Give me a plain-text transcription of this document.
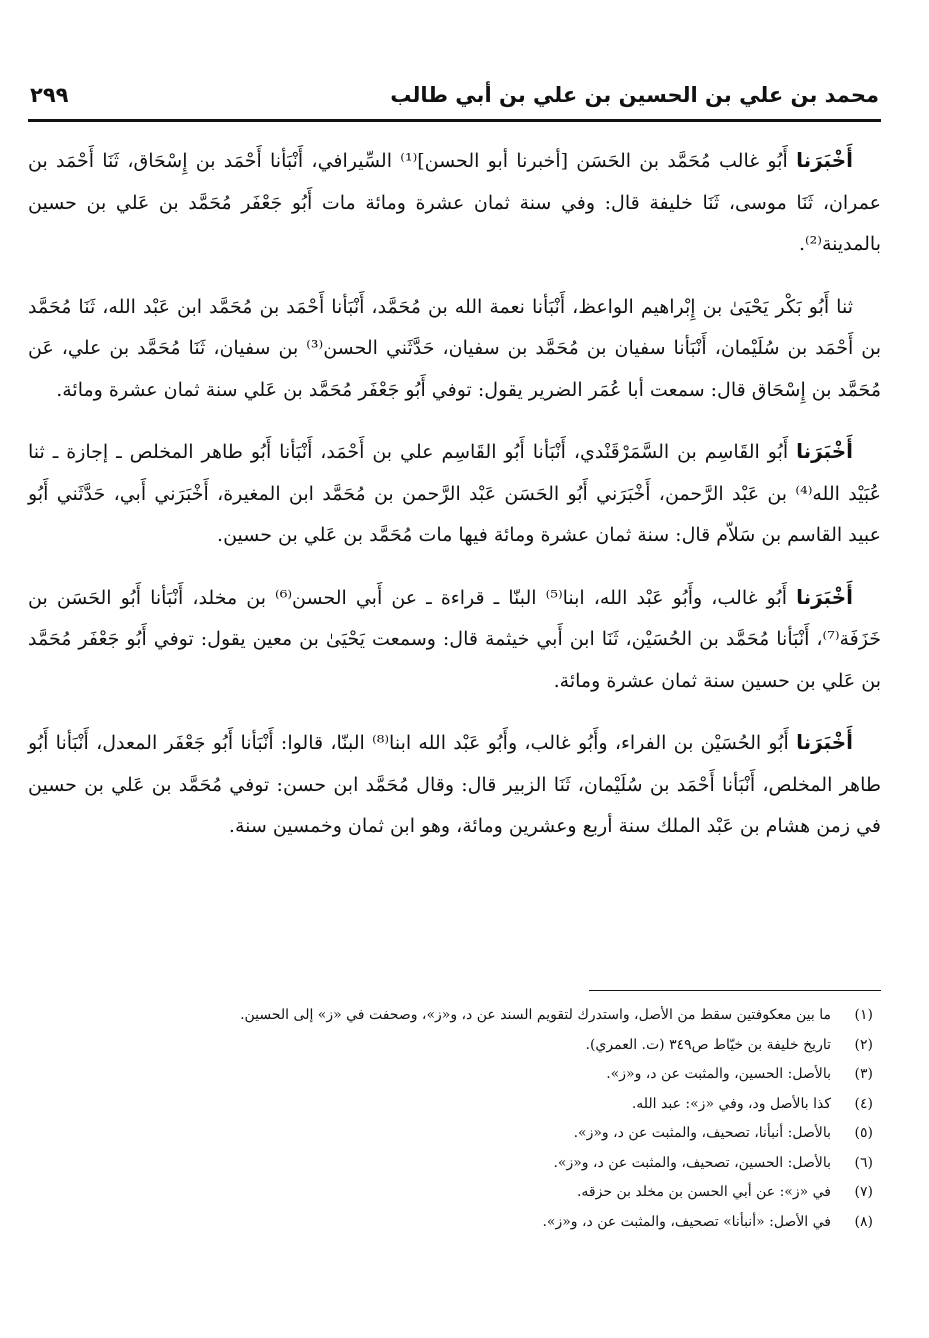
محمد بن علي بن الحسين بن علي بن أبي طالب
٢٩٩

أَخْبَرَنا أَبُو غالب مُحَمَّد بن الحَسَن [أخبرنا أبو الحسن]⁽¹⁾ السِّيرافي، أَنْبَأنا أَحْمَد بن إِسْحَاق، ثَنَا أَحْمَد بن عمران، ثَنَا موسى، ثَنَا خليفة قال: وفي سنة ثمان عشرة ومائة مات أَبُو جَعْفَر مُحَمَّد بن عَلي بن حسين بالمدينة⁽²⁾.

ثنا أَبُو بَكْر يَحْيَىٰ بن إِبْراهيم الواعظ، أَنْبَأنا نعمة الله بن مُحَمَّد، أَنْبَأنا أَحْمَد بن مُحَمَّد ابن عَبْد الله، ثَنَا مُحَمَّد بن أَحْمَد بن سُلَيْمان، أَنْبَأنا سفيان بن مُحَمَّد بن سفيان، حَدَّثَني الحسن⁽³⁾ بن سفيان، ثَنَا مُحَمَّد بن علي، عَن مُحَمَّد بن إِسْحَاق قال: سمعت أبا عُمَر الضرير يقول: توفي أَبُو جَعْفَر مُحَمَّد بن عَلي سنة ثمان عشرة ومائة.

أَخْبَرَنا أَبُو القَاسِم بن السَّمَرْقَنْدي، أَنْبَأنا أَبُو القَاسِم علي بن أَحْمَد، أَنْبَأنا أَبُو طاهر المخلص ـ إجازة ـ ثنا عُبَيْد الله⁽⁴⁾ بن عَبْد الرَّحمن، أَخْبَرَني أَبُو الحَسَن عَبْد الرَّحمن بن مُحَمَّد ابن المغيرة، أَخْبَرَني أَبي، حَدَّثَني أَبُو عبيد القاسم بن سَلاّم قال: سنة ثمان عشرة ومائة فيها مات مُحَمَّد بن عَلي بن حسين.

أَخْبَرَنا أَبُو غالب، وأَبُو عَبْد الله، ابنا⁽⁵⁾ البنّا ـ قراءة ـ عن أَبي الحسن⁽⁶⁾ بن مخلد، أَنْبَأنا أَبُو الحَسَن بن خَزَفَة⁽⁷⁾، أَنْبَأنا مُحَمَّد بن الحُسَيْن، ثَنَا ابن أَبي خيثمة قال: وسمعت يَحْيَىٰ بن معين يقول: توفي أَبُو جَعْفَر مُحَمَّد بن عَلي بن حسين سنة ثمان عشرة ومائة.

أَخْبَرَنا أَبُو الحُسَيْن بن الفراء، وأَبُو غالب، وأَبُو عَبْد الله ابنا⁽⁸⁾ البنّا، قالوا: أَنْبَأنا أَبُو جَعْفَر المعدل، أَنْبَأنا أَبُو طاهر المخلص، أَنْبَأنا أَحْمَد بن سُلَيْمان، ثَنَا الزبير قال: وقال مُحَمَّد ابن حسن: توفي مُحَمَّد بن عَلي بن حسين في زمن هشام بن عَبْد الملك سنة أربع وعشرين ومائة، وهو ابن ثمان وخمسين سنة.

(١)
ما بين معكوفتين سقط من الأصل، واستدرك لتقويم السند عن د، و«ز»، وصحفت في «ز» إلى الحسين.
(٢)
تاريخ خليفة بن خيّاط ص٣٤٩ (ت. العمري).
(٣)
بالأصل: الحسين، والمثبت عن د، و«ز».
(٤)
كذا بالأصل ود، وفي «ز»: عبد الله.
(٥)
بالأصل: أنبأنا، تصحيف، والمثبت عن د، و«ز».
(٦)
بالأصل: الحسين، تصحيف، والمثبت عن د، و«ز».
(٧)
في «ز»: عن أبي الحسن بن مخلد بن حزقه.
(٨)
في الأصل: «أنبأنا» تصحيف، والمثبت عن د، و«ز».
